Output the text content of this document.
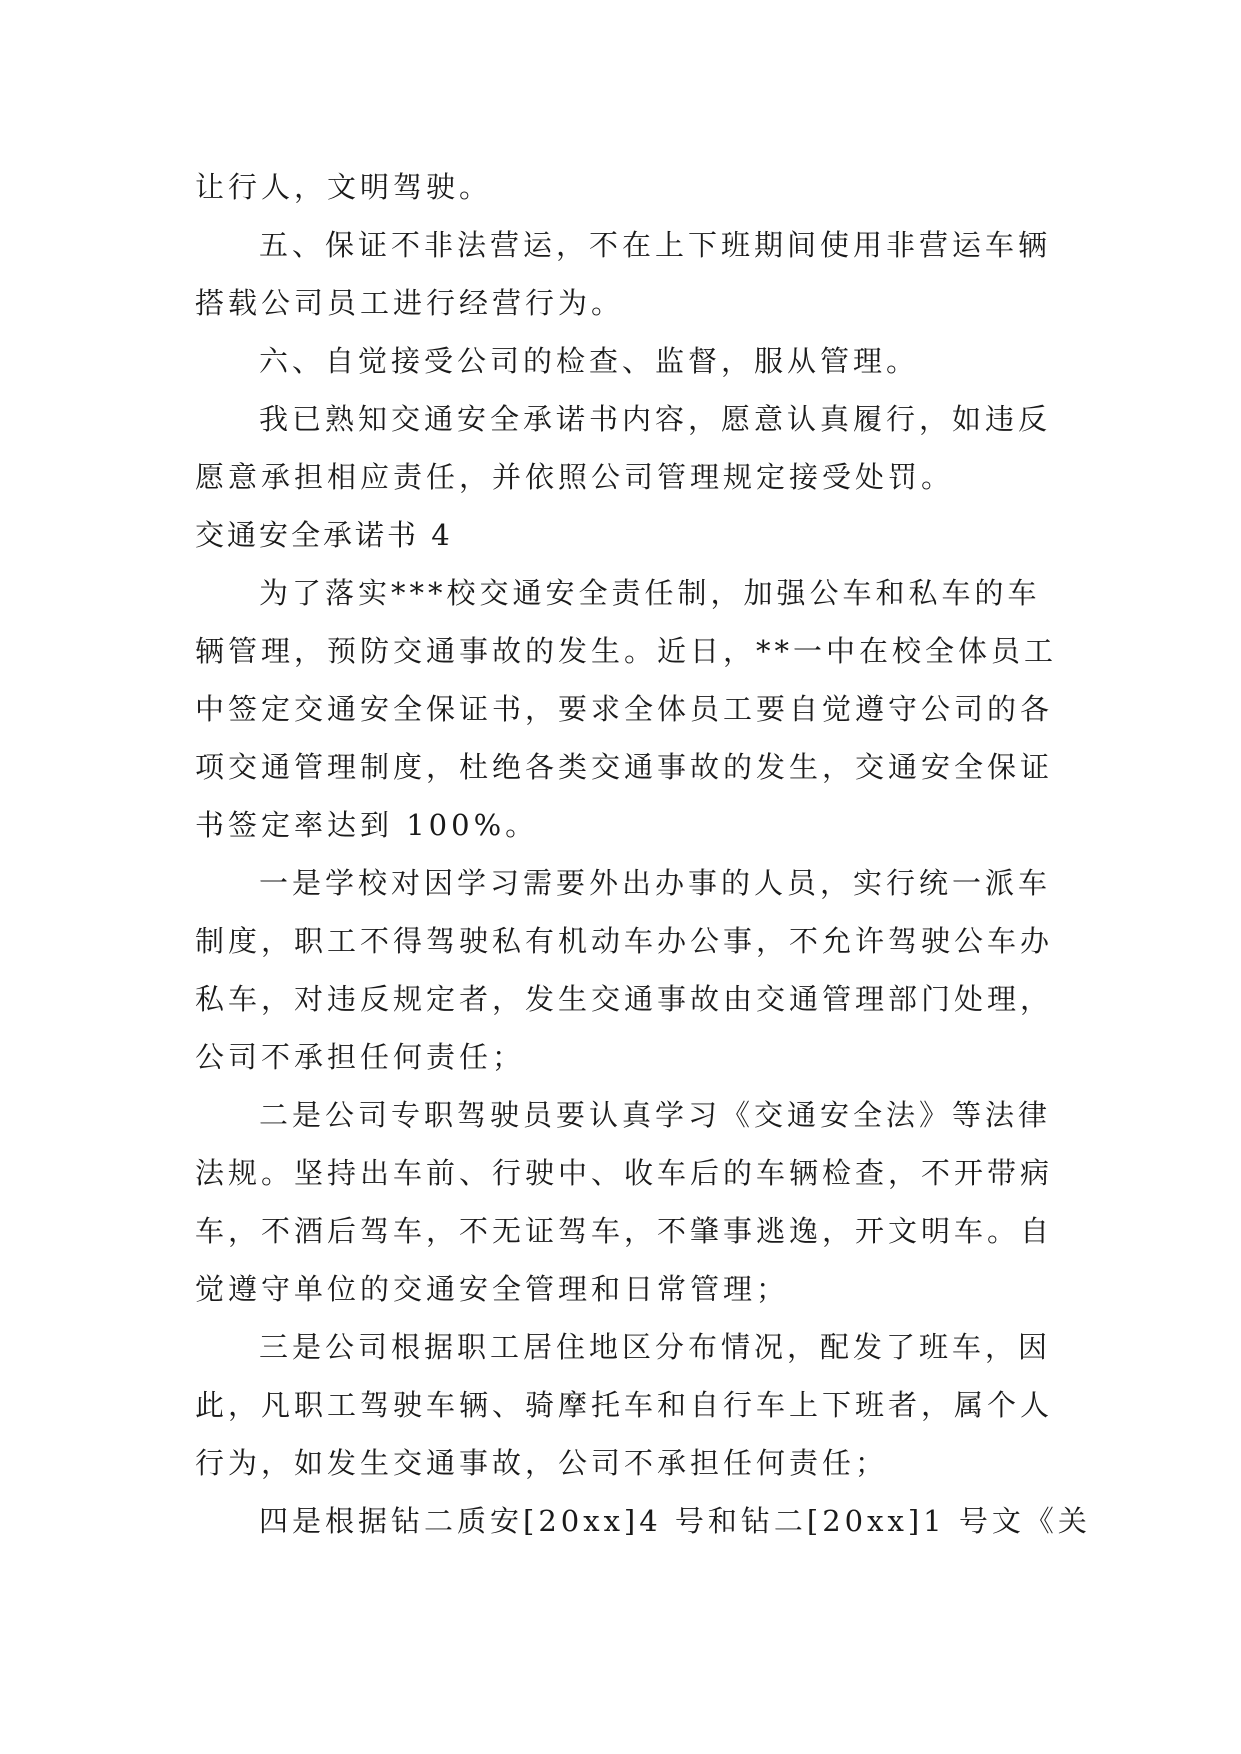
让行人，文明驾驶。
五、保证不非法营运，不在上下班期间使用非营运车辆
搭载公司员工进行经营行为。
六、自觉接受公司的检查、监督，服从管理。
我已熟知交通安全承诺书内容，愿意认真履行，如违反
愿意承担相应责任，并依照公司管理规定接受处罚。
交通安全承诺书 4
为了落实***校交通安全责任制，加强公车和私车的车
辆管理，预防交通事故的发生。近日，**一中在校全体员工
中签定交通安全保证书，要求全体员工要自觉遵守公司的各
项交通管理制度，杜绝各类交通事故的发生，交通安全保证
书签定率达到 100%。
一是学校对因学习需要外出办事的人员，实行统一派车
制度，职工不得驾驶私有机动车办公事，不允许驾驶公车办
私车，对违反规定者，发生交通事故由交通管理部门处理，
公司不承担任何责任；
二是公司专职驾驶员要认真学习《交通安全法》等法律
法规。坚持出车前、行驶中、收车后的车辆检查，不开带病
车，不酒后驾车，不无证驾车，不肇事逃逸，开文明车。自
觉遵守单位的交通安全管理和日常管理；
三是公司根据职工居住地区分布情况，配发了班车，因
此，凡职工驾驶车辆、骑摩托车和自行车上下班者，属个人
行为，如发生交通事故，公司不承担任何责任；
四是根据钻二质安[20xx]4 号和钻二[20xx]1 号文《关
